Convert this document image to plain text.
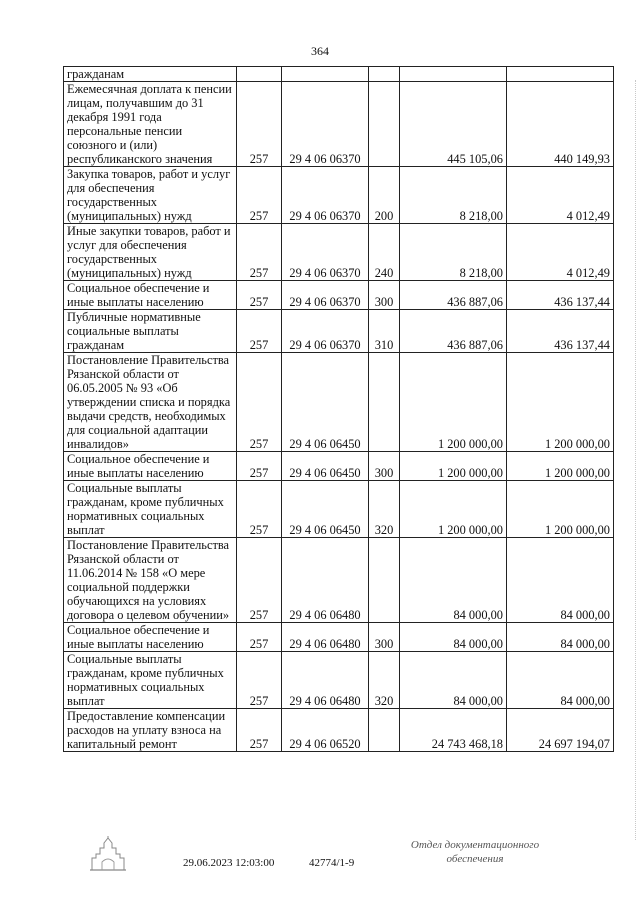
364
гражданам					
Ежемесячная доплата к пенсии лицам, получавшим до 31 декабря 1991 года персональные пенсии союзного и (или) республиканского значения	257	29 4 06 06370		445 105,06	440 149,93
Закупка товаров, работ и услуг для обеспечения государственных (муниципальных) нужд	257	29 4 06 06370	200	8 218,00	4 012,49
Иные закупки товаров, работ и услуг для обеспечения государственных (муниципальных) нужд	257	29 4 06 06370	240	8 218,00	4 012,49
Социальное обеспечение и иные выплаты населению	257	29 4 06 06370	300	436 887,06	436 137,44
Публичные нормативные социальные выплаты гражданам	257	29 4 06 06370	310	436 887,06	436 137,44
Постановление Правительства Рязанской области от 06.05.2005 № 93 «Об утверждении списка и порядка выдачи средств, необходимых для социальной адаптации инвалидов»	257	29 4 06 06450		1 200 000,00	1 200 000,00
Социальное обеспечение и иные выплаты населению	257	29 4 06 06450	300	1 200 000,00	1 200 000,00
Социальные выплаты гражданам, кроме публичных нормативных социальных выплат	257	29 4 06 06450	320	1 200 000,00	1 200 000,00
Постановление Правительства Рязанской области от 11.06.2014 № 158 «О мере социальной поддержки обучающихся на условиях договора о целевом обучении»	257	29 4 06 06480		84 000,00	84 000,00
Социальное обеспечение и иные выплаты населению	257	29 4 06 06480	300	84 000,00	84 000,00
Социальные выплаты гражданам, кроме публичных нормативных социальных выплат	257	29 4 06 06480	320	84 000,00	84 000,00
Предоставление компенсации расходов на уплату взноса на капитальный ремонт	257	29 4 06 06520		24 743 468,18	24 697 194,07
29.06.2023 12:03:00	42774/1-9
Отдел документационного
обеспечения
